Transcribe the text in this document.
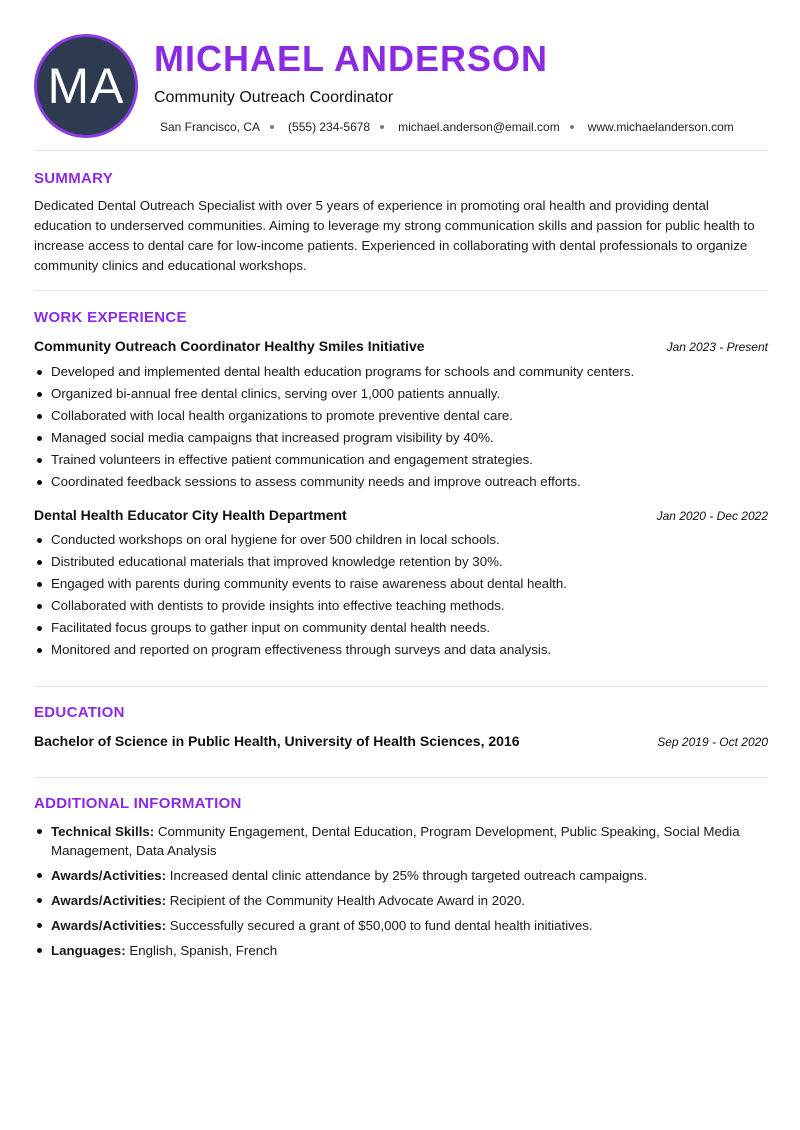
MA MICHAEL ANDERSON
Community Outreach Coordinator
San Francisco, CA (555) 234-5678 michael.anderson@email.com www.michaelanderson.com
SUMMARY
Dedicated Dental Outreach Specialist with over 5 years of experience in promoting oral health and providing dental education to underserved communities. Aiming to leverage my strong communication skills and passion for public health to increase access to dental care for low-income patients. Experienced in collaborating with dental professionals to organize community clinics and educational workshops.
WORK EXPERIENCE
Community Outreach Coordinator Healthy Smiles Initiative	Jan 2023 - Present
Developed and implemented dental health education programs for schools and community centers.
Organized bi-annual free dental clinics, serving over 1,000 patients annually.
Collaborated with local health organizations to promote preventive dental care.
Managed social media campaigns that increased program visibility by 40%.
Trained volunteers in effective patient communication and engagement strategies.
Coordinated feedback sessions to assess community needs and improve outreach efforts.
Dental Health Educator City Health Department	Jan 2020 - Dec 2022
Conducted workshops on oral hygiene for over 500 children in local schools.
Distributed educational materials that improved knowledge retention by 30%.
Engaged with parents during community events to raise awareness about dental health.
Collaborated with dentists to provide insights into effective teaching methods.
Facilitated focus groups to gather input on community dental health needs.
Monitored and reported on program effectiveness through surveys and data analysis.
EDUCATION
Bachelor of Science in Public Health, University of Health Sciences, 2016	Sep 2019 - Oct 2020
ADDITIONAL INFORMATION
Technical Skills: Community Engagement, Dental Education, Program Development, Public Speaking, Social Media Management, Data Analysis
Awards/Activities: Increased dental clinic attendance by 25% through targeted outreach campaigns.
Awards/Activities: Recipient of the Community Health Advocate Award in 2020.
Awards/Activities: Successfully secured a grant of $50,000 to fund dental health initiatives.
Languages: English, Spanish, French
